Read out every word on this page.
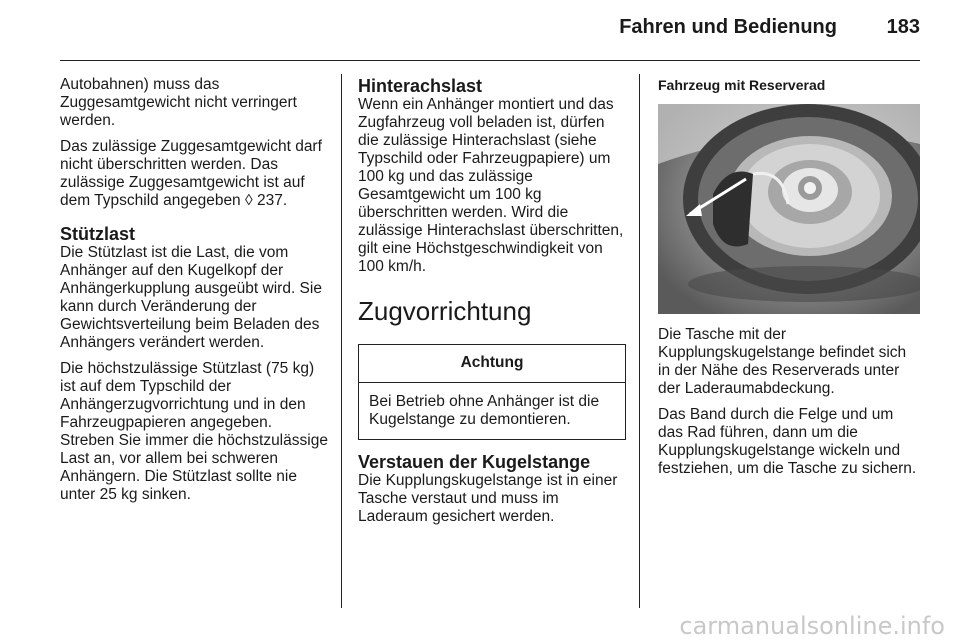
Fahren und Bedienung	183

Autobahnen) muss das Zuggesamtgewicht nicht verringert werden.

Das zulässige Zuggesamtgewicht darf nicht überschritten werden. Das zulässige Zuggesamtgewicht ist auf dem Typschild angegeben ◊ 237.

Stützlast

Die Stützlast ist die Last, die vom Anhänger auf den Kugelkopf der Anhängerkupplung ausgeübt wird. Sie kann durch Veränderung der Gewichtsverteilung beim Beladen des Anhängers verändert werden.

Die höchstzulässige Stützlast (75 kg) ist auf dem Typschild der Anhängerzugvorrichtung und in den Fahrzeugpapieren angegeben. Streben Sie immer die höchstzulässige Last an, vor allem bei schweren Anhängern. Die Stützlast sollte nie unter 25 kg sinken.

Hinterachslast

Wenn ein Anhänger montiert und das Zugfahrzeug voll beladen ist, dürfen die zulässige Hinterachslast (siehe Typschild oder Fahrzeugpapiere) um 100 kg und das zulässige Gesamtgewicht um 100 kg überschritten werden. Wird die zulässige Hinterachslast überschritten, gilt eine Höchstgeschwindigkeit von 100 km/h.

Zugvorrichtung
Achtung
Bei Betrieb ohne Anhänger ist die Kugelstange zu demontieren.
Verstauen der Kugelstange

Die Kupplungskugelstange ist in einer Tasche verstaut und muss im Laderaum gesichert werden.

Fahrzeug mit Reserverad

Die Tasche mit der Kupplungskugelstange befindet sich in der Nähe des Reserverads unter der Laderaumabdeckung.

Das Band durch die Felge und um das Rad führen, dann um die Kupplungskugelstange wickeln und festziehen, um die Tasche zu sichern.

carmanualsonline.info
